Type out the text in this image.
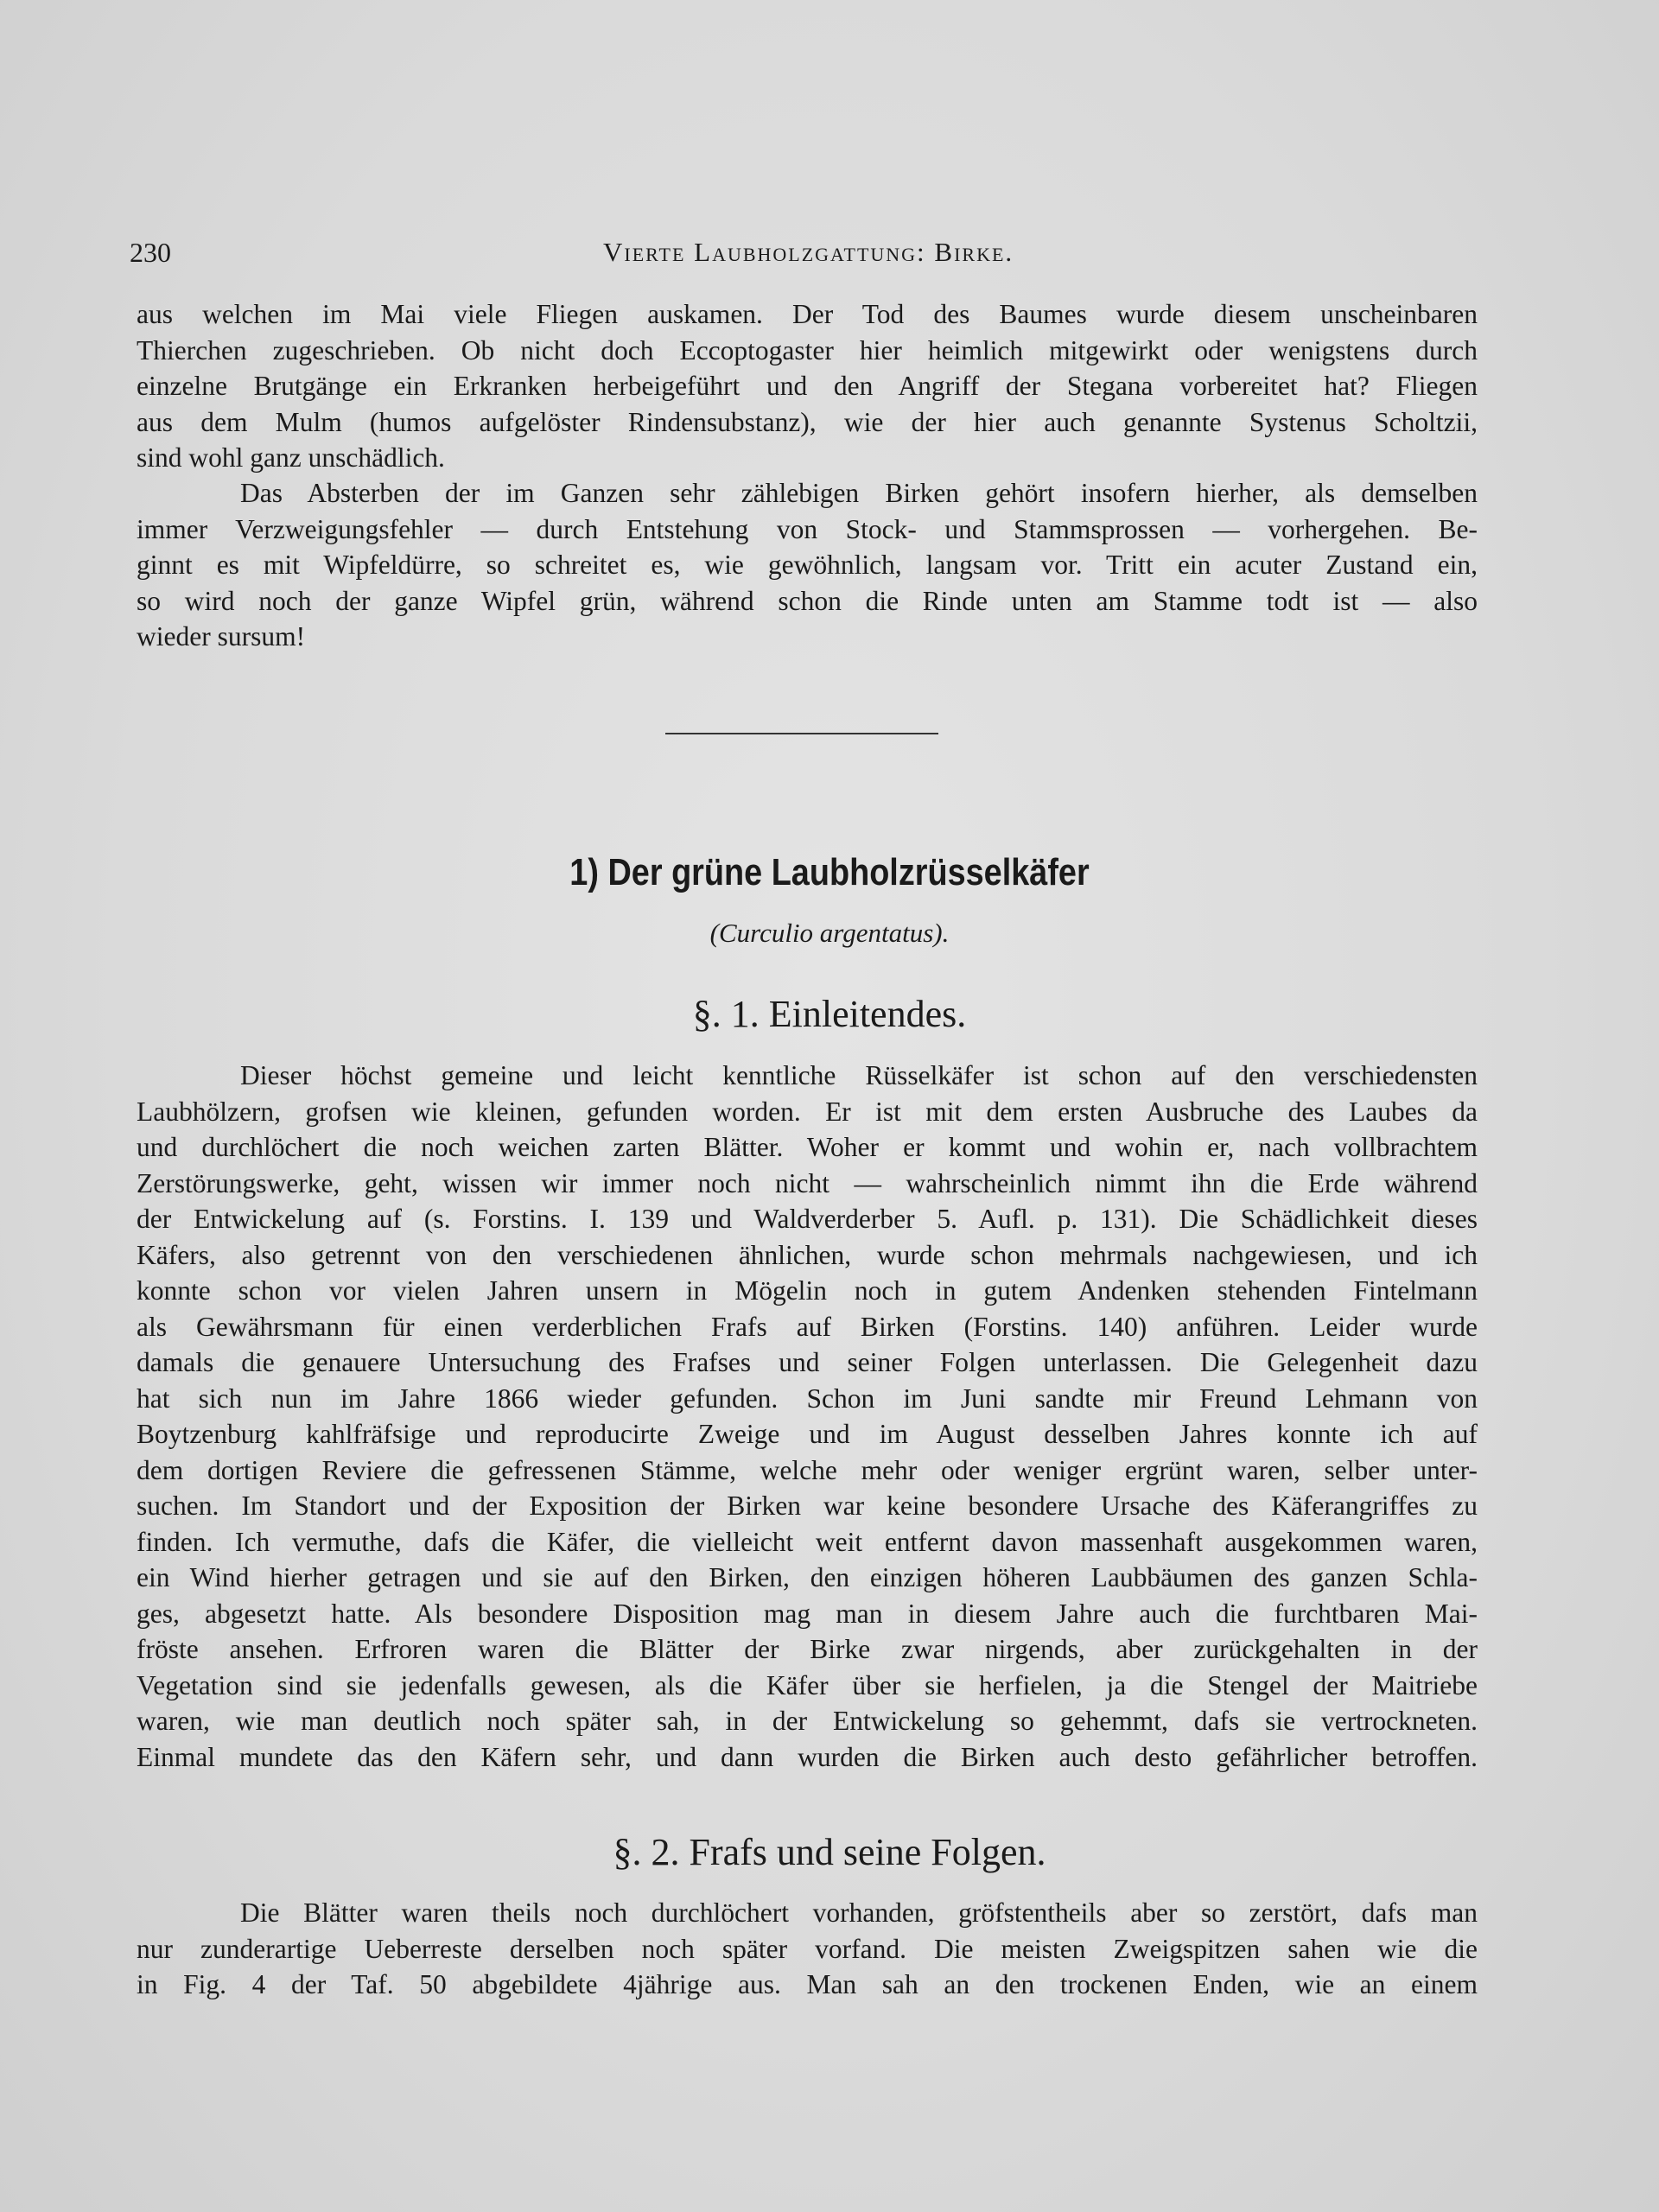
230	Vierte Laubholzgattung: Birke.

aus welchen im Mai viele Fliegen auskamen. Der Tod des Baumes wurde diesem unscheinbaren

Thierchen zugeschrieben. Ob nicht doch Eccoptogaster hier heimlich mitgewirkt oder wenigstens durch

einzelne Brutgänge ein Erkranken herbeigeführt und den Angriff der Stegana vorbereitet hat? Fliegen

aus dem Mulm (humos aufgelöster Rindensubstanz), wie der hier auch genannte Systenus Scholtzii,

sind wohl ganz unschädlich.

Das Absterben der im Ganzen sehr zählebigen Birken gehört insofern hierher, als demselben

immer Verzweigungsfehler — durch Entstehung von Stock- und Stammsprossen — vorhergehen. Be-

ginnt es mit Wipfeldürre, so schreitet es, wie gewöhnlich, langsam vor. Tritt ein acuter Zustand ein,

so wird noch der ganze Wipfel grün, während schon die Rinde unten am Stamme todt ist — also

wieder sursum!

1) Der grüne Laubholzrüsselkäfer
(Curculio argentatus).
§. 1. Einleitendes.

Dieser höchst gemeine und leicht kenntliche Rüsselkäfer ist schon auf den verschiedensten

Laubhölzern, grofsen wie kleinen, gefunden worden. Er ist mit dem ersten Ausbruche des Laubes da

und durchlöchert die noch weichen zarten Blätter. Woher er kommt und wohin er, nach vollbrachtem

Zerstörungswerke, geht, wissen wir immer noch nicht — wahrscheinlich nimmt ihn die Erde während

der Entwickelung auf (s. Forstins. I. 139 und Waldverderber 5. Aufl. p. 131). Die Schädlichkeit dieses

Käfers, also getrennt von den verschiedenen ähnlichen, wurde schon mehrmals nachgewiesen, und ich

konnte schon vor vielen Jahren unsern in Mögelin noch in gutem Andenken stehenden Fintelmann

als Gewährsmann für einen verderblichen Frafs auf Birken (Forstins. 140) anführen. Leider wurde

damals die genauere Untersuchung des Frafses und seiner Folgen unterlassen. Die Gelegenheit dazu

hat sich nun im Jahre 1866 wieder gefunden. Schon im Juni sandte mir Freund Lehmann von

Boytzenburg kahlfräfsige und reproducirte Zweige und im August desselben Jahres konnte ich auf

dem dortigen Reviere die gefressenen Stämme, welche mehr oder weniger ergrünt waren, selber unter-

suchen. Im Standort und der Exposition der Birken war keine besondere Ursache des Käferangriffes zu

finden. Ich vermuthe, dafs die Käfer, die vielleicht weit entfernt davon massenhaft ausgekommen waren,

ein Wind hierher getragen und sie auf den Birken, den einzigen höheren Laubbäumen des ganzen Schla-

ges, abgesetzt hatte. Als besondere Disposition mag man in diesem Jahre auch die furchtbaren Mai-

fröste ansehen. Erfroren waren die Blätter der Birke zwar nirgends, aber zurückgehalten in der

Vegetation sind sie jedenfalls gewesen, als die Käfer über sie herfielen, ja die Stengel der Maitriebe

waren, wie man deutlich noch später sah, in der Entwickelung so gehemmt, dafs sie vertrockneten.

Einmal mundete das den Käfern sehr, und dann wurden die Birken auch desto gefährlicher betroffen.

§. 2. Frafs und seine Folgen.

Die Blätter waren theils noch durchlöchert vorhanden, gröfstentheils aber so zerstört, dafs man

nur zunderartige Ueberreste derselben noch später vorfand. Die meisten Zweigspitzen sahen wie die

in Fig. 4 der Taf. 50 abgebildete 4jährige aus. Man sah an den trockenen Enden, wie an einem
